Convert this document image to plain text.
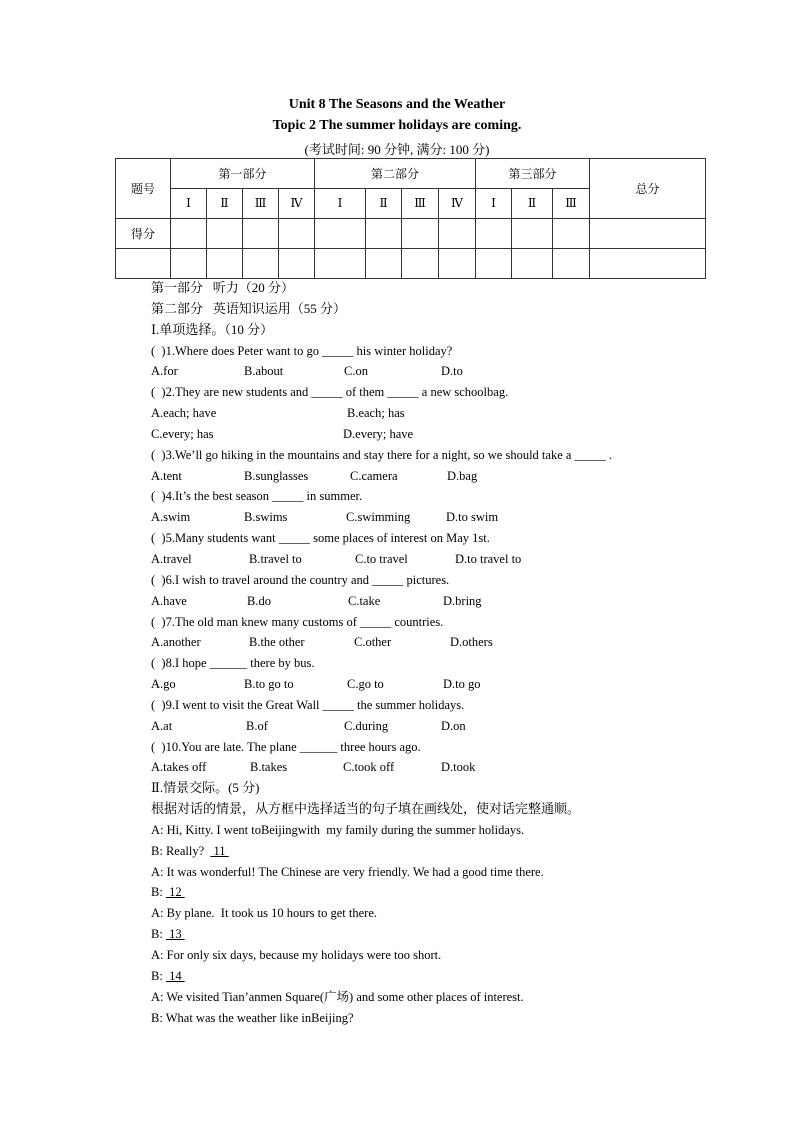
Unit 8 The Seasons and the Weather
Topic 2 The summer holidays are coming.
(考试时间: 90 分钟, 满分: 100 分)
题号	第一部分				第二部分				第三部分			总分
	Ⅰ	Ⅱ	Ⅲ	Ⅳ	Ⅰ	Ⅱ	Ⅲ	Ⅳ	Ⅰ	Ⅱ	Ⅲ	
得分												

第一部分   听力（20 分）
第二部分   英语知识运用（55 分）
Ⅰ.单项选择。（10 分）
(  )1.Where does Peter want to go _____ his winter holiday?
A.for	B.about	C.on	D.to
(  )2.They are new students and _____ of them _____ a new schoolbag.
A.each; have	B.each; has
C.every; has	D.every; have
(  )3.We’ll go hiking in the mountains and stay there for a night, so we should take a _____ .
A.tent	B.sunglasses	C.camera	D.bag
(  )4.It’s the best season _____ in summer.
A.swim	B.swims	C.swimming	D.to swim
(  )5.Many students want _____ some places of interest on May 1st.
A.travel	B.travel to	C.to travel	D.to travel to
(  )6.I wish to travel around the country and _____ pictures.
A.have	B.do	C.take	D.bring
(  )7.The old man knew many customs of _____ countries.
A.another	B.the other	C.other	D.others
(  )8.I hope ______ there by bus.
A.go	B.to go to	C.go to	D.to go
(  )9.I went to visit the Great Wall _____ the summer holidays.
A.at	B.of	C.during	D.on
(  )10.You are late. The plane ______ three hours ago.
A.takes off	B.takes	C.took off	D.took
Ⅱ.情景交际。(5 分)
根据对话的情景，从方框中选择适当的句子填在画线处，使对话完整通顺。
A: Hi, Kitty. I went toBeijingwith  my family during the summer holidays.
B: Really? 11
A: It was wonderful! The Chinese are very friendly. We had a good time there.
B: 12
A: By plane.  It took us 10 hours to get there.
B: 13
A: For only six days, because my holidays were too short.
B: 14
A: We visited Tian’anmen Square(广场) and some other places of interest.
B: What was the weather like inBeijing?
